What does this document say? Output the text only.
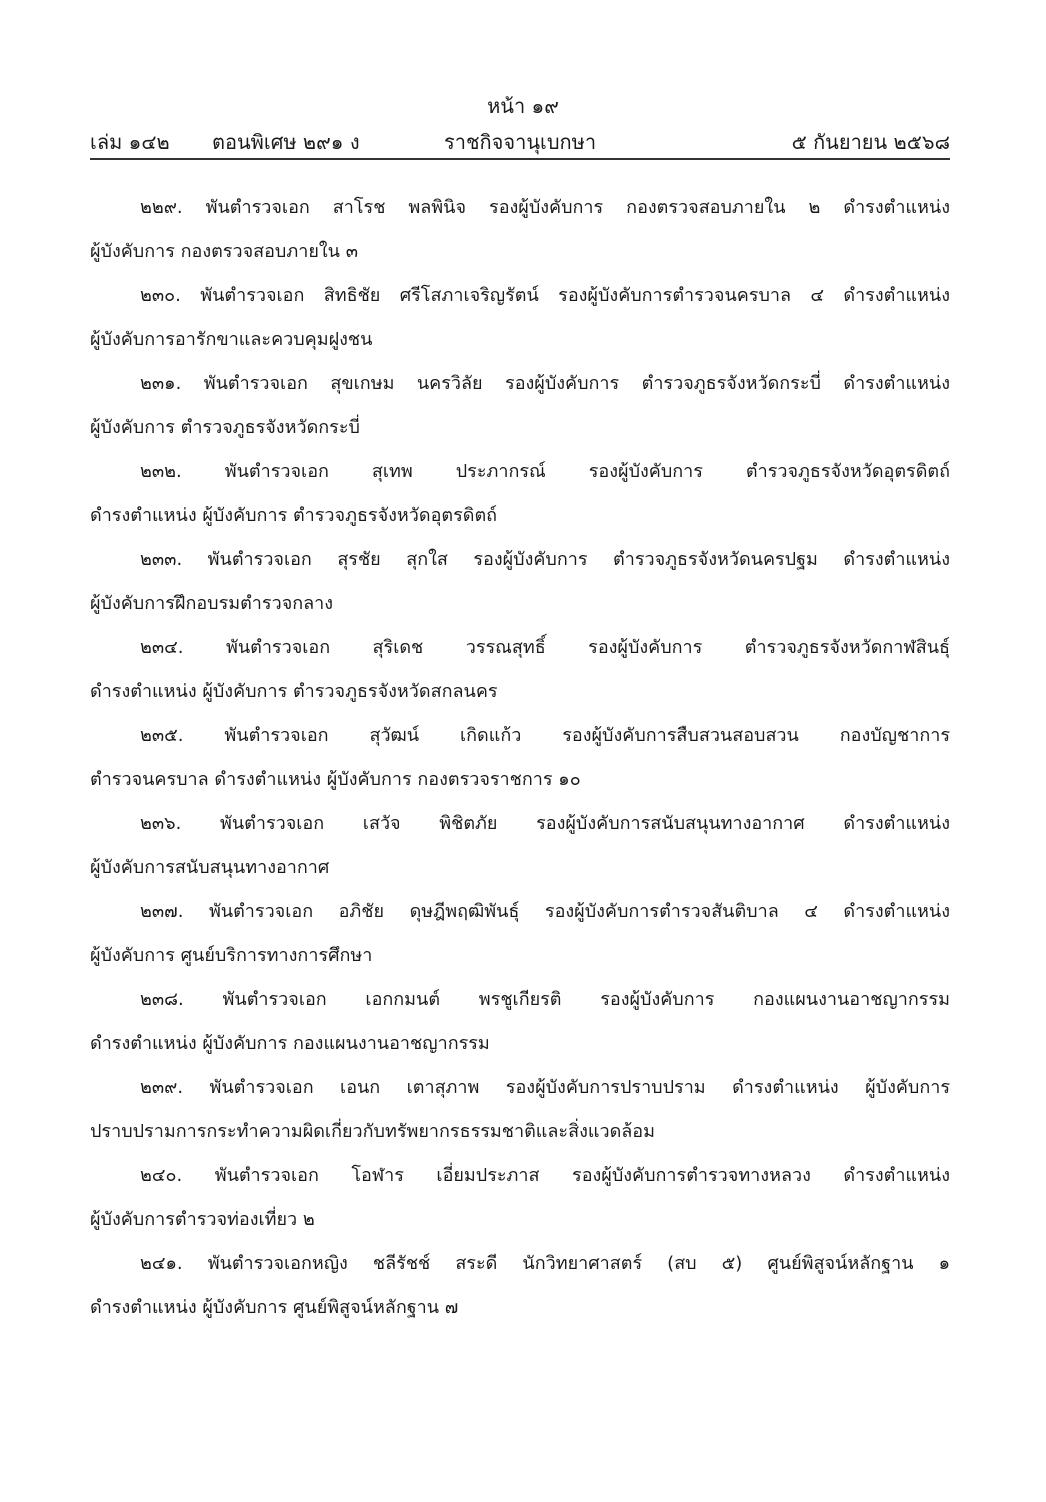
หน้า ๑๙
เล่ม ๑๔๒ ตอนพิเศษ ๒๙๑ ง	ราชกิจจานุเบกษา	๕ กันยายน ๒๕๖๘

๒๒๙. พันตำรวจเอก สาโรช พลพินิจ รองผู้บังคับการ กองตรวจสอบภายใน ๒ ดำรงตำแหน่ง
ผู้บังคับการ กองตรวจสอบภายใน ๓

๒๓๐. พันตำรวจเอก สิทธิชัย ศรีโสภาเจริญรัตน์ รองผู้บังคับการตำรวจนครบาล ๔ ดำรงตำแหน่ง
ผู้บังคับการอารักขาและควบคุมฝูงชน

๒๓๑. พันตำรวจเอก สุขเกษม นครวิลัย รองผู้บังคับการ ตำรวจภูธรจังหวัดกระบี่ ดำรงตำแหน่ง
ผู้บังคับการ ตำรวจภูธรจังหวัดกระบี่

๒๓๒. พันตำรวจเอก สุเทพ ประภากรณ์ รองผู้บังคับการ ตำรวจภูธรจังหวัดอุตรดิตถ์
ดำรงตำแหน่ง ผู้บังคับการ ตำรวจภูธรจังหวัดอุตรดิตถ์

๒๓๓. พันตำรวจเอก สุรชัย สุกใส รองผู้บังคับการ ตำรวจภูธรจังหวัดนครปฐม ดำรงตำแหน่ง
ผู้บังคับการฝึกอบรมตำรวจกลาง

๒๓๔. พันตำรวจเอก สุริเดช วรรณสุทธิ์ รองผู้บังคับการ ตำรวจภูธรจังหวัดกาฬสินธุ์
ดำรงตำแหน่ง ผู้บังคับการ ตำรวจภูธรจังหวัดสกลนคร

๒๓๕. พันตำรวจเอก สุวัฒน์ เกิดแก้ว รองผู้บังคับการสืบสวนสอบสวน กองบัญชาการ
ตำรวจนครบาล ดำรงตำแหน่ง ผู้บังคับการ กองตรวจราชการ ๑๐

๒๓๖. พันตำรวจเอก เสวัจ พิชิตภัย รองผู้บังคับการสนับสนุนทางอากาศ ดำรงตำแหน่ง
ผู้บังคับการสนับสนุนทางอากาศ

๒๓๗. พันตำรวจเอก อภิชัย ดุษฎีพฤฒิพันธุ์ รองผู้บังคับการตำรวจสันติบาล ๔ ดำรงตำแหน่ง
ผู้บังคับการ ศูนย์บริการทางการศึกษา

๒๓๘. พันตำรวจเอก เอกกมนต์ พรชูเกียรติ รองผู้บังคับการ กองแผนงานอาชญากรรม
ดำรงตำแหน่ง ผู้บังคับการ กองแผนงานอาชญากรรม

๒๓๙. พันตำรวจเอก เอนก เตาสุภาพ รองผู้บังคับการปราบปราม ดำรงตำแหน่ง ผู้บังคับการ
ปราบปรามการกระทำความผิดเกี่ยวกับทรัพยากรธรรมชาติและสิ่งแวดล้อม

๒๔๐. พันตำรวจเอก โอฬาร เอี่ยมประภาส รองผู้บังคับการตำรวจทางหลวง ดำรงตำแหน่ง
ผู้บังคับการตำรวจท่องเที่ยว ๒

๒๔๑. พันตำรวจเอกหญิง ชลีรัชช์ สระดี นักวิทยาศาสตร์ (สบ ๕) ศูนย์พิสูจน์หลักฐาน ๑
ดำรงตำแหน่ง ผู้บังคับการ ศูนย์พิสูจน์หลักฐาน ๗
